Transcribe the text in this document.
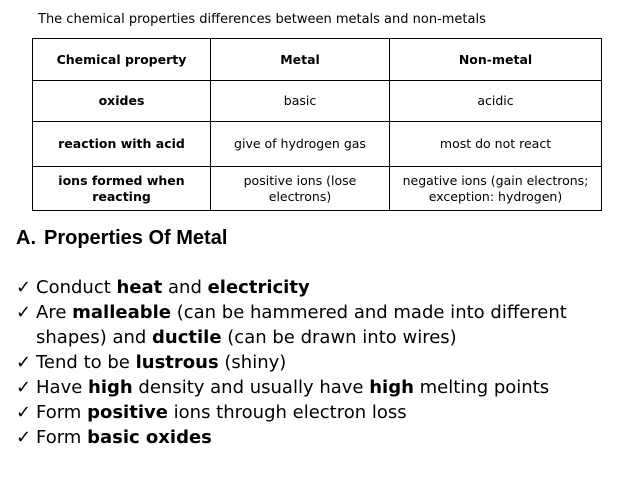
The chemical properties differences between metals and non-metals
Chemical property	Metal	Non-metal
oxides	basic	acidic
reaction with acid	give of hydrogen gas	most do not react
ions formed when reacting	positive ions (lose electrons)	negative ions (gain electrons; exception: hydrogen)
A. Properties Of Metal
✓ Conduct heat and electricity
✓ Are malleable (can be hammered and made into different
shapes) and ductile (can be drawn into wires)
✓ Tend to be lustrous (shiny)
✓ Have high density and usually have high melting points
✓ Form positive ions through electron loss
✓ Form basic oxides
